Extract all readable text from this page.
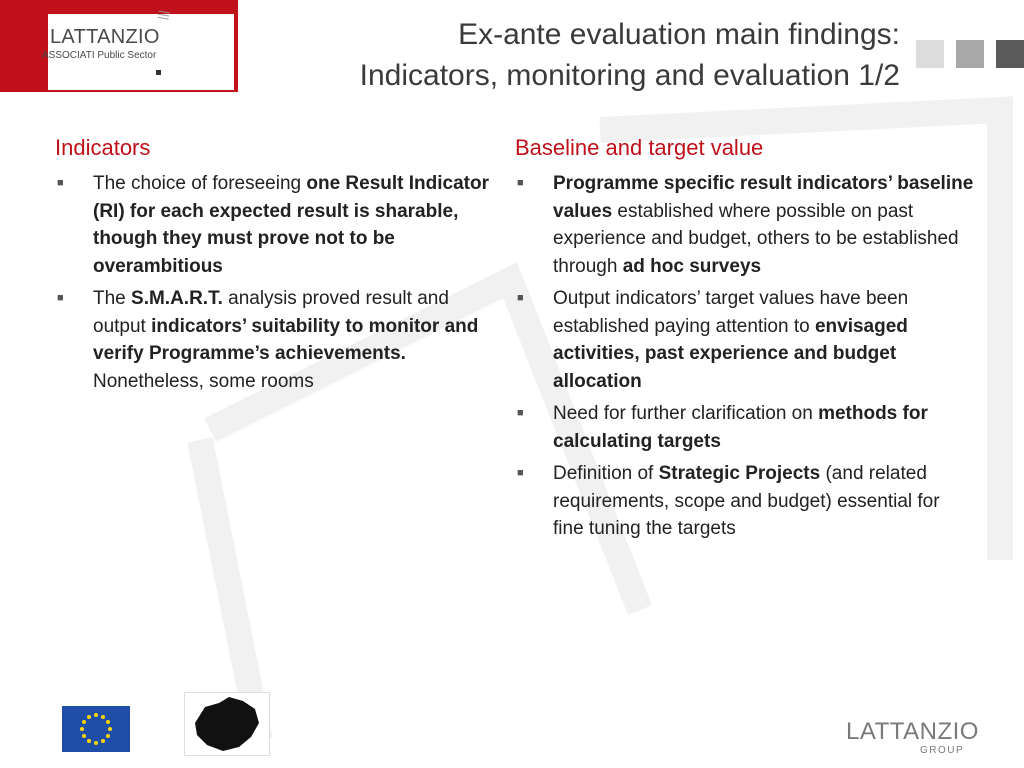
LATTANZIO
ASSOCIATI Public Sector
|||
Ex-ante evaluation main findings:
Indicators, monitoring and evaluation 1/2
Indicators
■ The choice of foreseeing one Result Indicator (RI) for each expected result is sharable, though they must prove not to be overambitious
■ The S.M.A.R.T. analysis proved result and output indicators’ suitability to monitor and verify Programme’s achievements. Nonetheless, some rooms
Baseline and target value
■ Programme specific result indicators’ baseline values established where possible on past experience and budget, others to be established through ad hoc surveys
■ Output indicators’ target values have been established paying attention to envisaged activities, past experience and budget allocation
■ Need for further clarification on methods for calculating targets
■ Definition of Strategic Projects (and related requirements, scope and budget) essential for fine tuning the targets
LATTANZIO
GROUP
